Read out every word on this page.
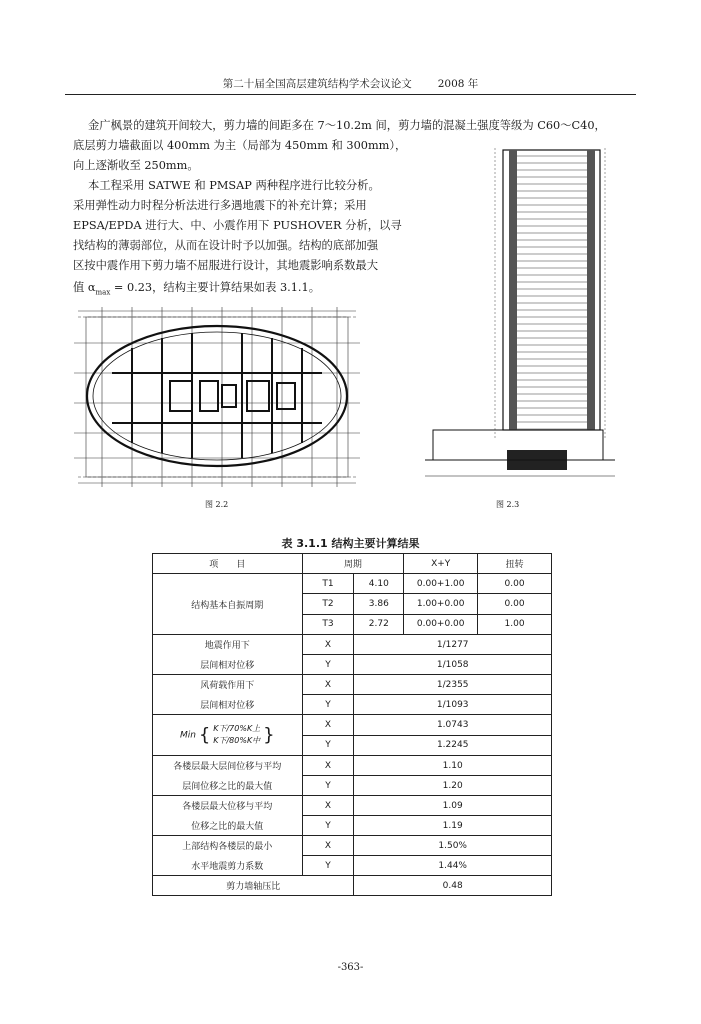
第二十届全国高层建筑结构学术会议论文 2008 年
金广枫景的建筑开间较大，剪力墙的间距多在 7～10.2m 间，剪力墙的混凝土强度等级为 C60～C40，
底层剪力墙截面以 400mm 为主（局部为 450mm 和 300mm），
向上逐渐收至 250mm。
本工程采用 SATWE 和 PMSAP 两种程序进行比较分析。
采用弹性动力时程分析法进行多遇地震下的补充计算；采用
EPSA/EPDA 进行大、中、小震作用下 PUSHOVER 分析，以寻
找结构的薄弱部位，从而在设计时予以加强。结构的底部加强
区按中震作用下剪力墙不屈服进行设计，其地震影响系数最大
值 $\alpha_{max} = 0.23$，结构主要计算结果如表 3.1.1。
图 2.2	图 2.3
表 3.1.1 结构主要计算结果
项　　目	周期		X+Y	扭转
结构基本自振周期	T1	4.10	0.00+1.00	0.00
	T2	3.86	1.00+0.00	0.00
	T3	2.72	0.00+0.00	1.00
地震作用下	X	1/1277		
层间相对位移	Y	1/1058		
风荷载作用下	X	1/2355		
层间相对位移	Y	1/1093		
Min { K下/70%K上
K下/80%K中 }	X	1.0743		
	Y	1.2245		
各楼层最大层间位移与平均	X	1.10		
层间位移之比的最大值	Y	1.20		
各楼层最大位移与平均	X	1.09		
位移之比的最大值	Y	1.19		
上部结构各楼层的最小	X	1.50%		
水平地震剪力系数	Y	1.44%		
剪力墙轴压比		0.48		
-363-
